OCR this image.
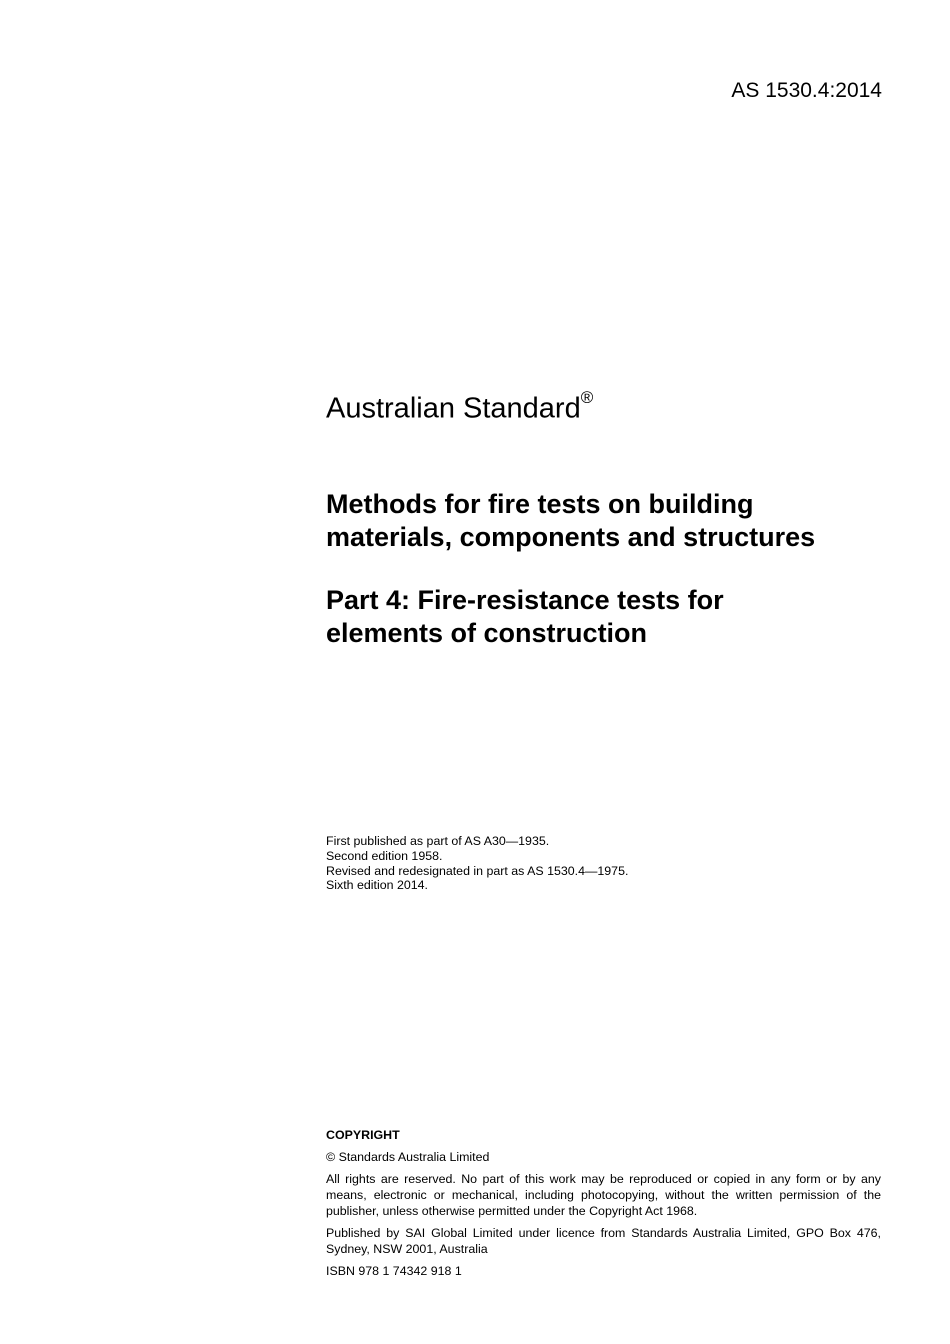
AS 1530.4:2014
Australian Standard®
Methods for fire tests on building
materials, components and structures
Part 4: Fire-resistance tests for
elements of construction
First published as part of AS A30—1935.
Second edition 1958.
Revised and redesignated in part as AS 1530.4—1975.
Sixth edition 2014.

COPYRIGHT

© Standards Australia Limited

All rights are reserved. No part of this work may be reproduced or copied in any form or by any means, electronic or mechanical, including photocopying, without the written permission of the publisher, unless otherwise permitted under the Copyright Act 1968.

Published by SAI Global Limited under licence from Standards Australia Limited, GPO Box 476, Sydney, NSW 2001, Australia

ISBN 978 1 74342 918 1
